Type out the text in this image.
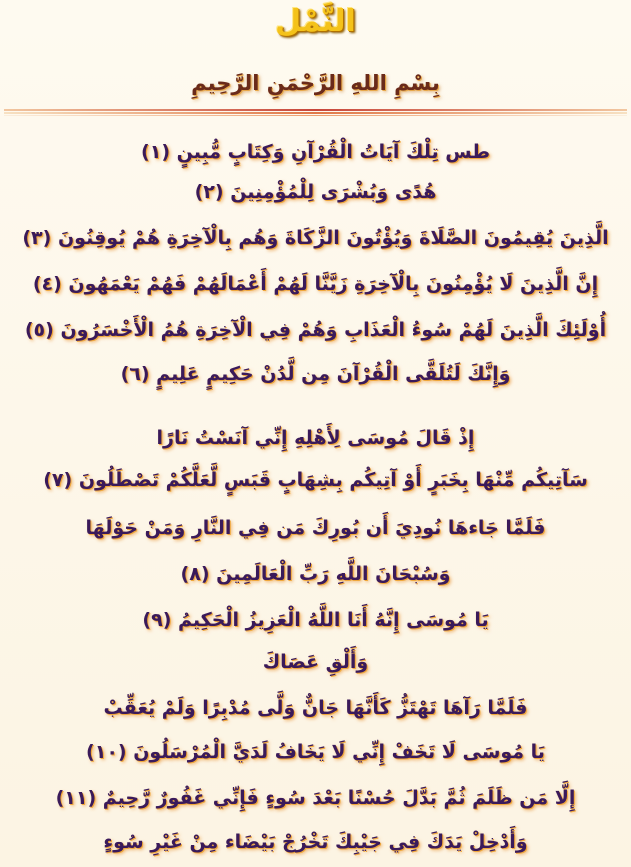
النَّمْل
بِسْمِ اللهِ الرَّحْمَنِ الرَّحِيمِ
طس تِلْكَ آيَاتُ الْقُرْآنِ وَكِتَابٍ مُّبِينٍ (١)
هُدًى وَبُشْرَى لِلْمُؤْمِنِينَ (٢)
الَّذِينَ يُقِيمُونَ الصَّلَاةَ وَيُؤْتُونَ الزَّكَاةَ وَهُم بِالْآخِرَةِ هُمْ يُوقِنُونَ (٣)
إِنَّ الَّذِينَ لَا يُؤْمِنُونَ بِالْآخِرَةِ زَيَّنَّا لَهُمْ أَعْمَالَهُمْ فَهُمْ يَعْمَهُونَ (٤)
أُوْلَئِكَ الَّذِينَ لَهُمْ سُوءُ الْعَذَابِ وَهُمْ فِي الْآخِرَةِ هُمُ الْأَخْسَرُونَ (٥)
وَإِنَّكَ لَتُلَقَّى الْقُرْآنَ مِن لَّدُنْ حَكِيمٍ عَلِيمٍ (٦)
إِذْ قَالَ مُوسَى لِأَهْلِهِ إِنِّي آنَسْتُ نَارًا
سَآتِيكُم مِّنْهَا بِخَبَرٍ أَوْ آتِيكُم بِشِهَابٍ قَبَسٍ لَّعَلَّكُمْ تَصْطَلُونَ (٧)
فَلَمَّا جَاءهَا نُودِيَ أَن بُورِكَ مَن فِي النَّارِ وَمَنْ حَوْلَهَا
وَسُبْحَانَ اللَّهِ رَبِّ الْعَالَمِينَ (٨)
يَا مُوسَى إِنَّهُ أَنَا اللَّهُ الْعَزِيزُ الْحَكِيمُ (٩)
وَأَلْقِ عَصَاكَ
فَلَمَّا رَآهَا تَهْتَزُّ كَأَنَّهَا جَانٌّ وَلَّى مُدْبِرًا وَلَمْ يُعَقِّبْ
يَا مُوسَى لَا تَخَفْ إِنِّي لَا يَخَافُ لَدَيَّ الْمُرْسَلُونَ (١٠)
إِلَّا مَن ظَلَمَ ثُمَّ بَدَّلَ حُسْنًا بَعْدَ سُوءٍ فَإِنِّي غَفُورٌ رَّحِيمٌ (١١)
وَأَدْخِلْ يَدَكَ فِي جَيْبِكَ تَخْرُجْ بَيْضَاء مِنْ غَيْرِ سُوءٍ
